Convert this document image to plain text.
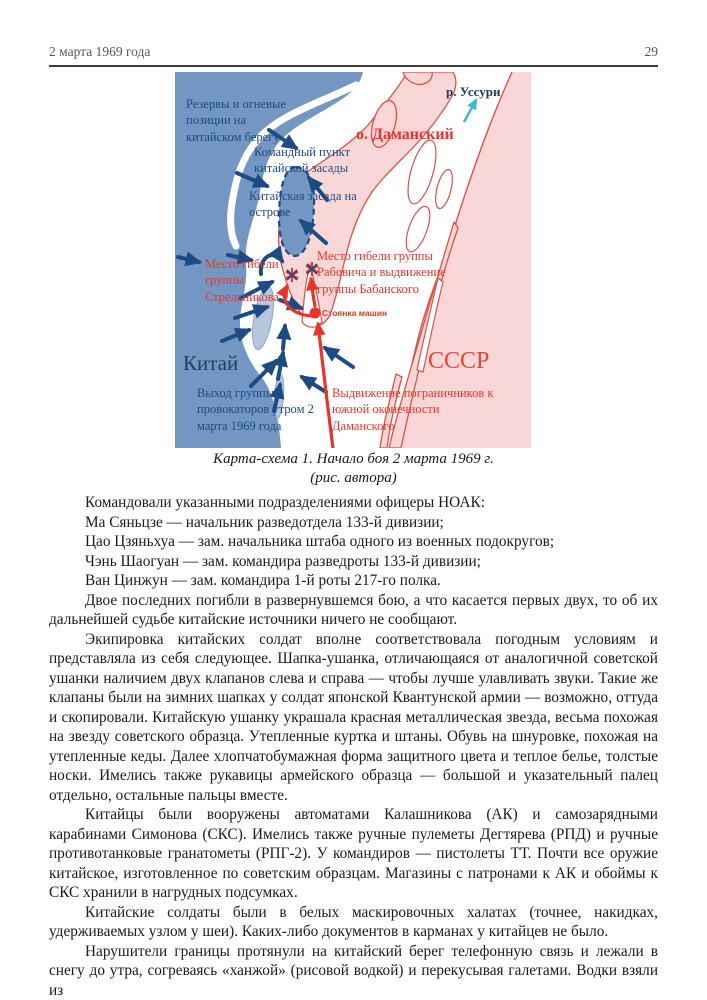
2 марта 1969 года	29
Резервы и огневые позиции на китайском берегу
р. Уссури
о. Даманский
Командный пункт китайской засады
Китайская засада на острове
Место гибели группы Стрельникова
Место гибели группы Рабовича и выдвижение группы Бабанского
Стоянка машин
Китай	СССР
Выход группы провокаторов утром 2 марта 1969 года
Выдвижение пограничников к южной оконечности Даманского
Карта-схема 1. Начало боя 2 марта 1969 г.
(рис. автора)

Командовали указанными подразделениями офицеры НОАК:

Ма Сяньцзе — начальник разведотдела 133-й дивизии;

Цао Цзяньхуа — зам. начальника штаба одного из военных подокругов;

Чэнь Шаогуан — зам. командира разведроты 133-й дивизии;

Ван Цинжун — зам. командира 1-й роты 217-го полка.

Двое последних погибли в развернувшемся бою, а что касается первых двух, то об их дальнейшей судьбе китайские источники ничего не сообщают.

Экипировка китайских солдат вполне соответствовала погодным условиям и представляла из себя следующее. Шапка-ушанка, отличающаяся от аналогичной советской ушанки наличием двух клапанов слева и справа — чтобы лучше улавливать звуки. Такие же клапаны были на зимних шапках у солдат японской Квантунской армии — возможно, оттуда и скопировали. Китайскую ушанку украшала красная металлическая звезда, весьма похожая на звезду советского образца. Утепленные куртка и штаны. Обувь на шнуровке, похожая на утепленные кеды. Далее хлопчатобумажная форма защитного цвета и теплое белье, толстые носки. Имелись также рукавицы армейского образца — большой и указательный палец отдельно, остальные пальцы вместе.

Китайцы были вооружены автоматами Калашникова (АК) и самозарядными карабинами Симонова (СКС). Имелись также ручные пулеметы Дегтярева (РПД) и ручные противотанковые гранатометы (РПГ-2). У командиров — пистолеты ТТ. Почти все оружие китайское, изготовленное по советским образцам. Магазины с патронами к АК и обоймы к СКС хранили в нагрудных подсумках.

Китайские солдаты были в белых маскировочных халатах (точнее, накидках, удерживаемых узлом у шеи). Каких-либо документов в карманах у китайцев не было.

Нарушители границы протянули на китайский берег телефонную связь и лежали в снегу до утра, согреваясь «ханжой» (рисовой водкой) и перекусывая галетами. Водки взяли из
